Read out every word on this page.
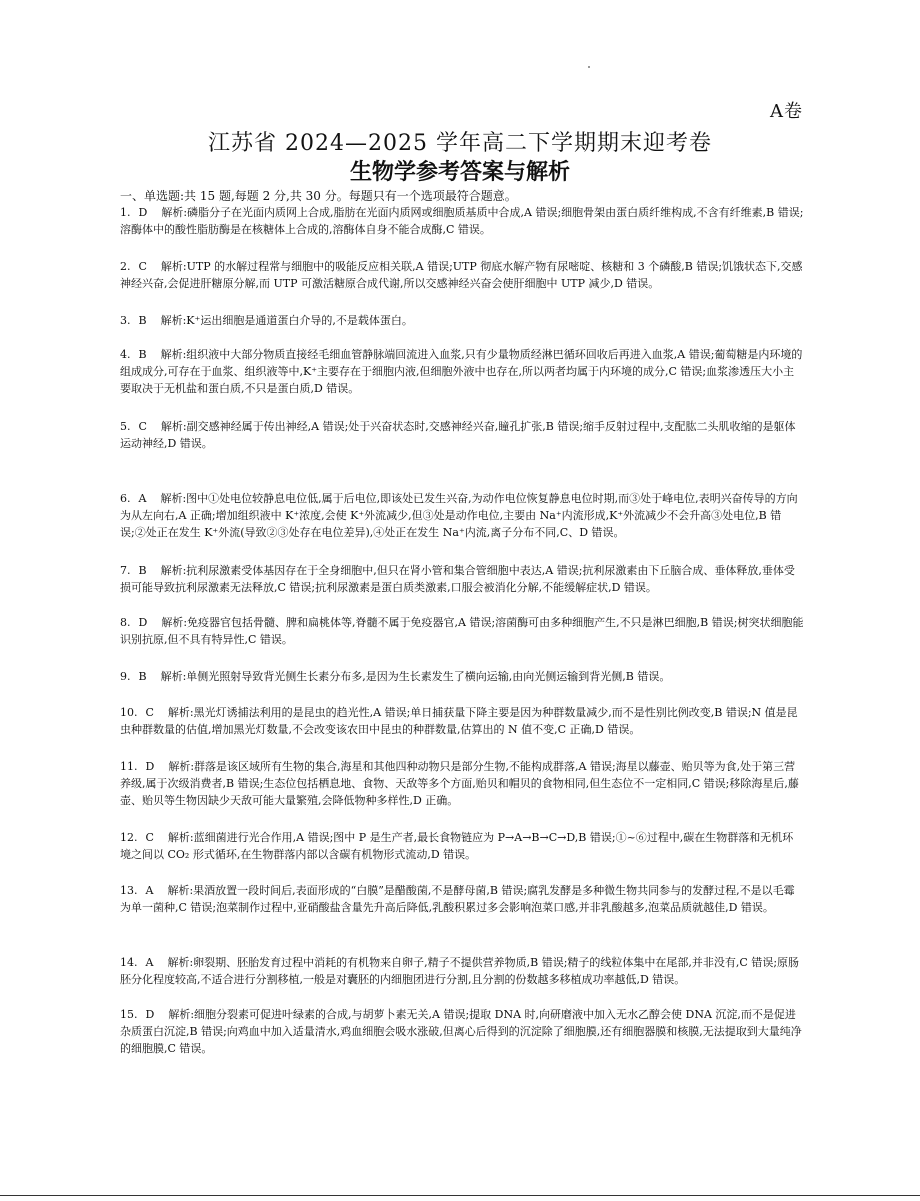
A卷
江苏省 2024—2025 学年高二下学期期末迎考卷
生物学参考答案与解析
一、单选题:共 15 题,每题 2 分,共 30 分。每题只有一个选项最符合题意。
1. D 解析:磷脂分子在光面内质网上合成,脂肪在光面内质网或细胞质基质中合成,A 错误;细胞骨架由蛋白质纤维构成,不含有纤维素,B 错误;溶酶体中的酸性脂肪酶是在核糖体上合成的,溶酶体自身不能合成酶,C 错误。
2. C 解析:UTP 的水解过程常与细胞中的吸能反应相关联,A 错误;UTP 彻底水解产物有尿嘧啶、核糖和 3 个磷酸,B 错误;饥饿状态下,交感神经兴奋,会促进肝糖原分解,而 UTP 可激活糖原合成代谢,所以交感神经兴奋会使肝细胞中 UTP 减少,D 错误。
3. B 解析:K⁺运出细胞是通道蛋白介导的,不是载体蛋白。
4. B 解析:组织液中大部分物质直接经毛细血管静脉端回流进入血浆,只有少量物质经淋巴循环回收后再进入血浆,A 错误;葡萄糖是内环境的组成成分,可存在于血浆、组织液等中,K⁺主要存在于细胞内液,但细胞外液中也存在,所以两者均属于内环境的成分,C 错误;血浆渗透压大小主要取决于无机盐和蛋白质,不只是蛋白质,D 错误。
5. C 解析:副交感神经属于传出神经,A 错误;处于兴奋状态时,交感神经兴奋,瞳孔扩张,B 错误;缩手反射过程中,支配肱二头肌收缩的是躯体运动神经,D 错误。
6. A 解析:图中①处电位较静息电位低,属于后电位,即该处已发生兴奋,为动作电位恢复静息电位时期,而③处于峰电位,表明兴奋传导的方向为从左向右,A 正确;增加组织液中 K⁺浓度,会使 K⁺外流减少,但③处是动作电位,主要由 Na⁺内流形成,K⁺外流减少不会升高③处电位,B 错误;②处正在发生 K⁺外流(导致②③处存在电位差异),④处正在发生 Na⁺内流,离子分布不同,C、D 错误。
7. B 解析:抗利尿激素受体基因存在于全身细胞中,但只在肾小管和集合管细胞中表达,A 错误;抗利尿激素由下丘脑合成、垂体释放,垂体受损可能导致抗利尿激素无法释放,C 错误;抗利尿激素是蛋白质类激素,口服会被消化分解,不能缓解症状,D 错误。
8. D 解析:免疫器官包括骨髓、脾和扁桃体等,脊髓不属于免疫器官,A 错误;溶菌酶可由多种细胞产生,不只是淋巴细胞,B 错误;树突状细胞能识别抗原,但不具有特异性,C 错误。
9. B 解析:单侧光照射导致背光侧生长素分布多,是因为生长素发生了横向运输,由向光侧运输到背光侧,B 错误。
10. C 解析:黑光灯诱捕法利用的是昆虫的趋光性,A 错误;单日捕获量下降主要是因为种群数量减少,而不是性别比例改变,B 错误;N 值是昆虫种群数量的估值,增加黑光灯数量,不会改变该农田中昆虫的种群数量,估算出的 N 值不变,C 正确,D 错误。
11. D 解析:群落是该区域所有生物的集合,海星和其他四种动物只是部分生物,不能构成群落,A 错误;海星以藤壶、贻贝等为食,处于第三营养级,属于次级消费者,B 错误;生态位包括栖息地、食物、天敌等多个方面,贻贝和帽贝的食物相同,但生态位不一定相同,C 错误;移除海星后,藤壶、贻贝等生物因缺少天敌可能大量繁殖,会降低物种多样性,D 正确。
12. C 解析:蓝细菌进行光合作用,A 错误;图中 P 是生产者,最长食物链应为 P→A→B→C→D,B 错误;①~⑥过程中,碳在生物群落和无机环境之间以 CO₂ 形式循环,在生物群落内部以含碳有机物形式流动,D 错误。
13. A 解析:果酒放置一段时间后,表面形成的“白膜”是醋酸菌,不是酵母菌,B 错误;腐乳发酵是多种微生物共同参与的发酵过程,不是以毛霉为单一菌种,C 错误;泡菜制作过程中,亚硝酸盐含量先升高后降低,乳酸积累过多会影响泡菜口感,并非乳酸越多,泡菜品质就越佳,D 错误。
14. A 解析:卵裂期、胚胎发育过程中消耗的有机物来自卵子,精子不提供营养物质,B 错误;精子的线粒体集中在尾部,并非没有,C 错误;原肠胚分化程度较高,不适合进行分割移植,一般是对囊胚的内细胞团进行分割,且分割的份数越多移植成功率越低,D 错误。
15. D 解析:细胞分裂素可促进叶绿素的合成,与胡萝卜素无关,A 错误;提取 DNA 时,向研磨液中加入无水乙醇会使 DNA 沉淀,而不是促进杂质蛋白沉淀,B 错误;向鸡血中加入适量清水,鸡血细胞会吸水涨破,但离心后得到的沉淀除了细胞膜,还有细胞器膜和核膜,无法提取到大量纯净的细胞膜,C 错误。
